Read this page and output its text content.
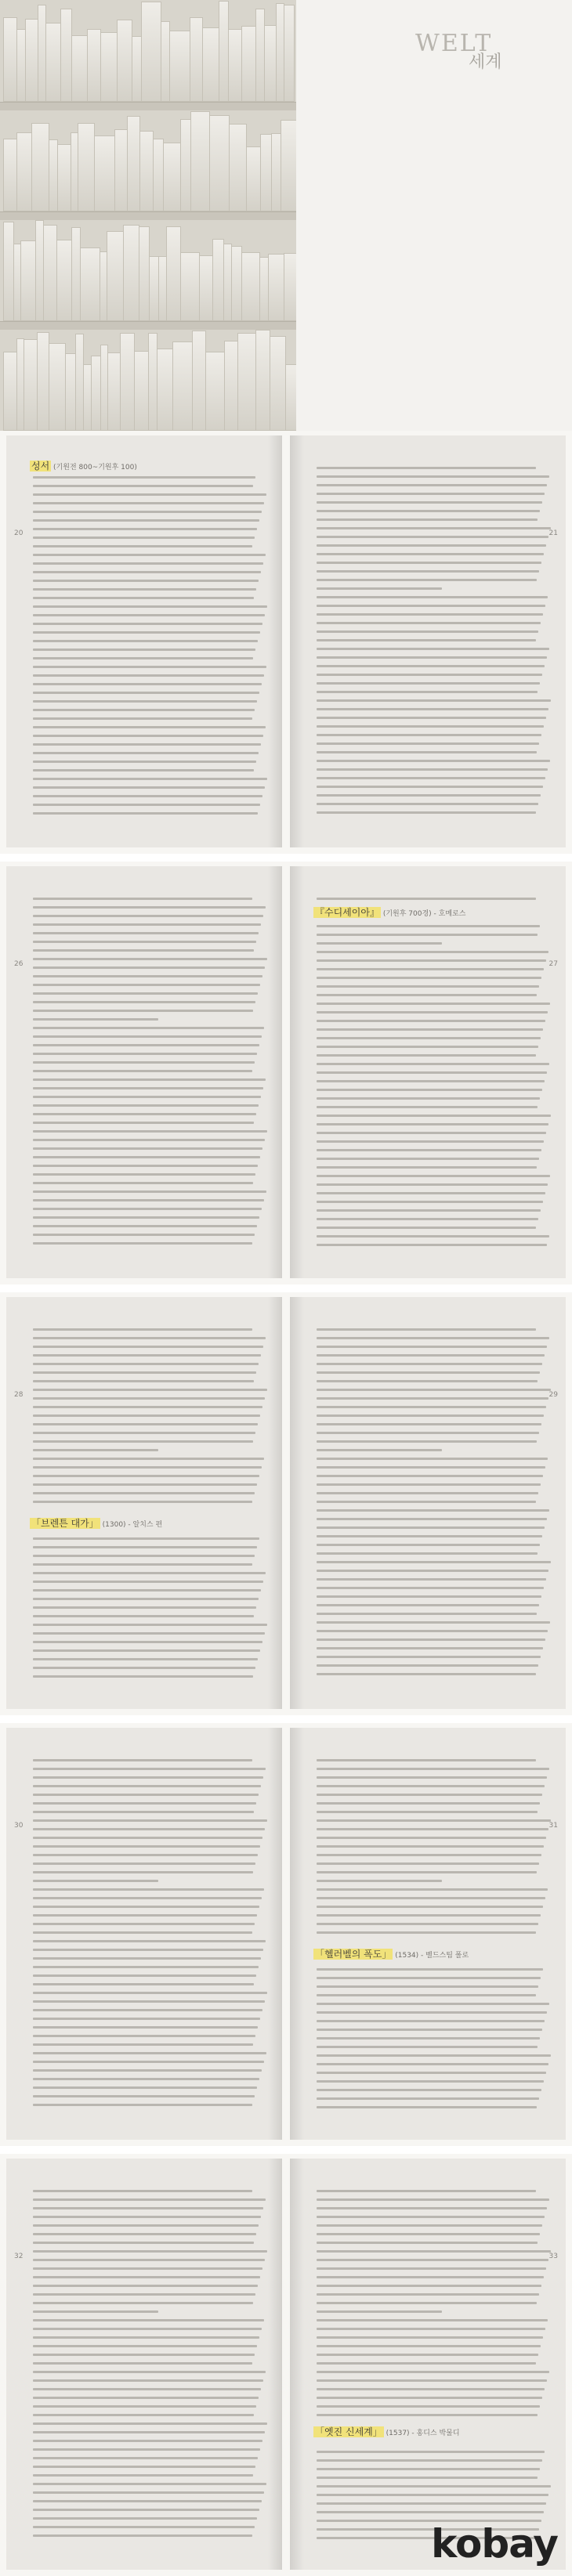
WELT
세계
성서 (기원전 800~기원후 100)
20	21
26
『수디세이아』 (기원후 700경) - 호메로스
27
「브렌튼 대가」 (1300) - 알치스 편
28	29
30
「헬러벨의 폭도」 (1534) - 벨드스팀 폴로
31
32
「옛진 신세계」 (1537) - 홍디스 박물디
33
kobay
